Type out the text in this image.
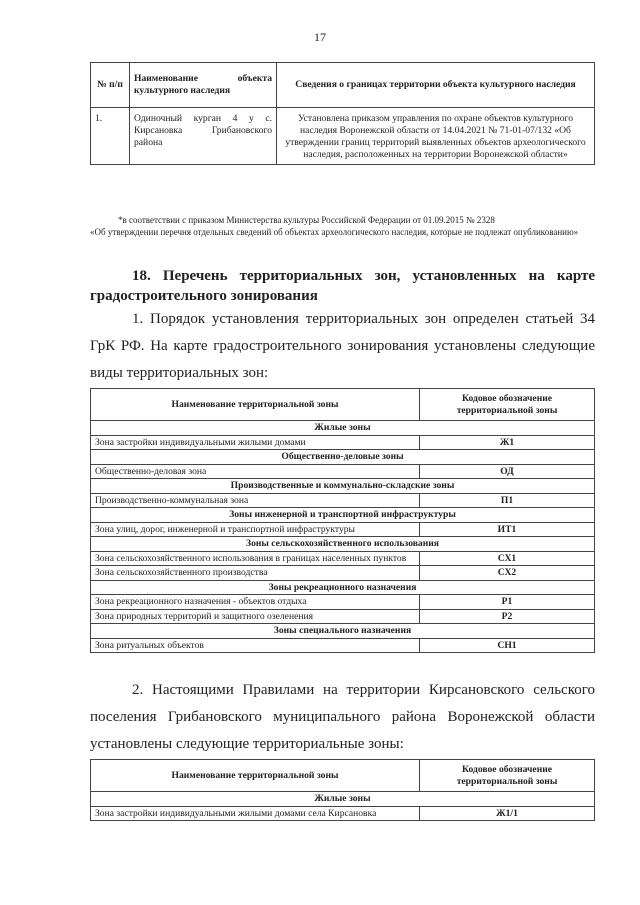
17
№ п/п	Наименование объекта культурного наследия	Сведения о границах территории объекта культурного наследия
1.	Одиночный курган 4 у с. Кирсановка Грибановского района	Установлена приказом управления по охране объектов культурного наследия Воронежской области от 14.04.2021 № 71-01-07/132 «Об утверждении границ территорий выявленных объектов археологического наследия, расположенных на территории Воронежской области»
*в соответствии с приказом Министерства культуры Российской Федерации от 01.09.2015 № 2328
«Об утверждении перечня отдельных сведений об объектах археологического наследия, которые не подлежат опубликованию»
18. Перечень территориальных зон, установленных на карте
градостроительного зонирования
1. Порядок установления территориальных зон определен статьей 34
ГрК РФ. На карте градостроительного зонирования установлены следующие
виды территориальных зон:
Наименование территориальной зоны	Кодовое обозначение территориальной зоны
Жилые зоны	
Зона застройки индивидуальными жилыми домами	Ж1
Общественно-деловые зоны	
Общественно-деловая зона	ОД
Производственные и коммунально-складские зоны	
Производственно-коммунальная зона	П1
Зоны инженерной и транспортной инфраструктуры	
Зона улиц, дорог, инженерной и транспортной инфраструктуры	ИТ1
Зоны сельскохозяйственного использования	
Зона сельскохозяйственного использования в границах населенных пунктов	СХ1
Зона сельскохозяйственного производства	СХ2
Зоны рекреационного назначения	
Зона рекреационного назначения - объектов отдыха	Р1
Зона природных территорий и защитного озеленения	Р2
Зоны специального назначения	
Зона ритуальных объектов	СН1
2. Настоящими Правилами на территории Кирсановского сельского
поселения Грибановского муниципального района Воронежской области
установлены следующие территориальные зоны:
Наименование территориальной зоны	Кодовое обозначение территориальной зоны
Жилые зоны	
Зона застройки индивидуальными жилыми домами села Кирсановка	Ж1/1
